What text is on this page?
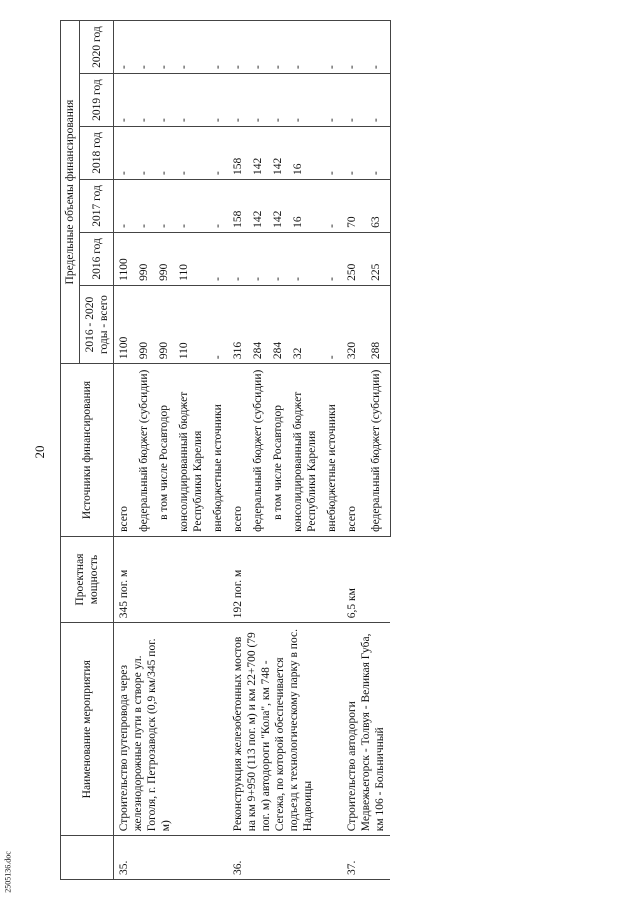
20
2505136.doc
	Наименование мероприятия	Проектная мощность	Источники финансирования	Предельные объемы финансирования					
				2016 - 2020 годы - всего	2016 год	2017 год	2018 год	2019 год	2020 год
35.	Строительство путепровода через железнодорожные пути в створе ул. Гоголя, г. Петрозаводск (0,9 км/345 пог. м)	345 пог. м	всего	1100	1100	-	-	-	-
			федеральный бюджет (субсидии)	990	990	-	-	-	-
			в том числе Росавтодор	990	990	-	-	-	-
			консолидированный бюджет Республики Карелия	110	110	-	-	-	-
			внебюджетные источники	-	-	-	-	-	-
36.	Реконструкция железобетонных мостов на км 9+950 (113 пог. м) и км 22+700 (79 пог. м) автодороги "Кола", км 748 - Сегежа, по которой обеспечивается подъезд к технологическому парку в пос. Надвоицы	192 пог. м	всего	316	-	158	158	-	-
			федеральный бюджет (субсидии)	284	-	142	142	-	-
			в том числе Росавтодор	284	-	142	142	-	-
			консолидированный бюджет Республики Карелия	32	-	16	16	-	-
			внебюджетные источники	-	-	-	-	-	-
37.	Строительство автодороги Медвежьегорск - Толвуя - Великая Губа, км 106 - Больничный	6,5 км	всего	320	250	70	-	-	-
			федеральный бюджет (субсидии)	288	225	63	-	-	-
